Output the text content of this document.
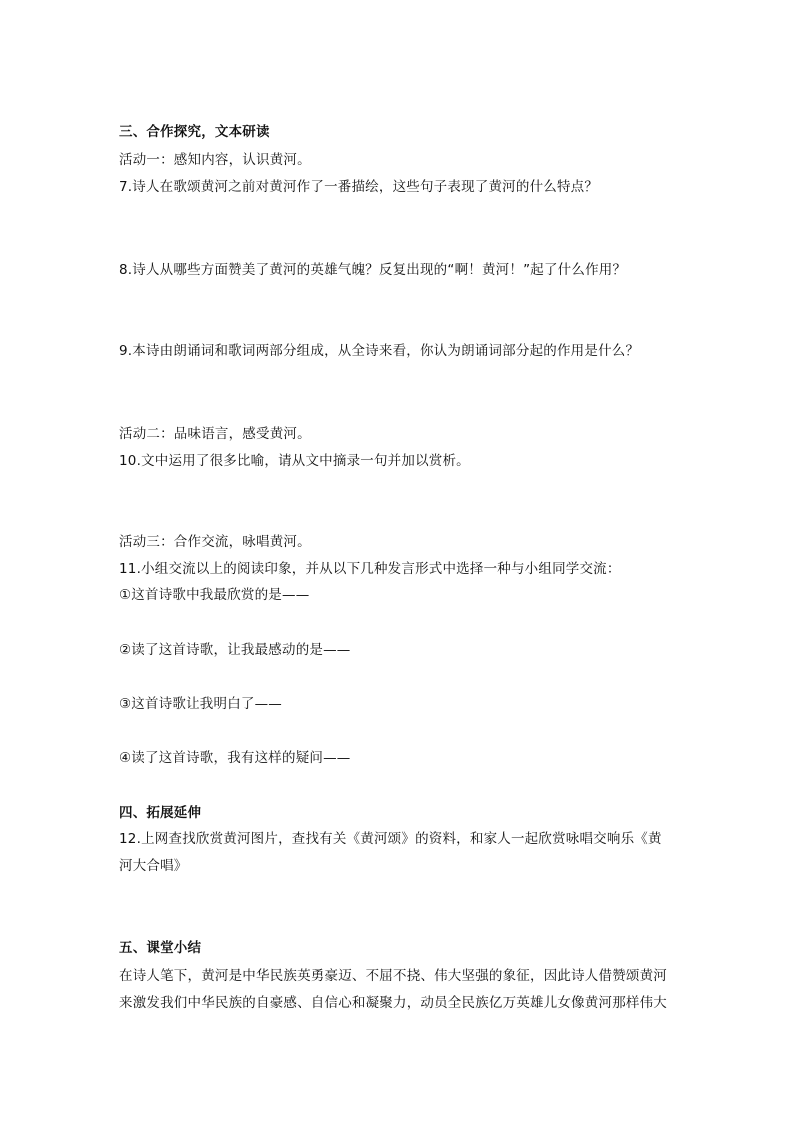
三、合作探究，文本研读
活动一：感知内容，认识黄河。
7.诗人在歌颂黄河之前对黄河作了一番描绘，这些句子表现了黄河的什么特点？
8.诗人从哪些方面赞美了黄河的英雄气魄？反复出现的“啊！黄河！”起了什么作用？
9.本诗由朗诵词和歌词两部分组成，从全诗来看，你认为朗诵词部分起的作用是什么？
活动二：品味语言，感受黄河。
10.文中运用了很多比喻，请从文中摘录一句并加以赏析。
活动三：合作交流，咏唱黄河。
11.小组交流以上的阅读印象，并从以下几种发言形式中选择一种与小组同学交流：
①这首诗歌中我最欣赏的是——
②读了这首诗歌，让我最感动的是——
③这首诗歌让我明白了——
④读了这首诗歌，我有这样的疑问——
四、拓展延伸
12.上网查找欣赏黄河图片，查找有关《黄河颂》的资料，和家人一起欣赏咏唱交响乐《黄
河大合唱》
五、课堂小结
在诗人笔下，黄河是中华民族英勇豪迈、不屈不挠、伟大坚强的象征，因此诗人借赞颂黄河
来激发我们中华民族的自豪感、自信心和凝聚力，动员全民族亿万英雄儿女像黄河那样伟大
